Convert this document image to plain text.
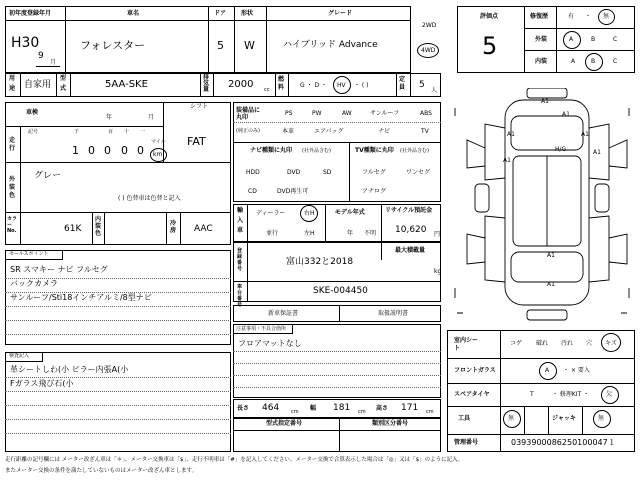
初年度登録年月
H30
9
月
車名
フォレスター
ドア
5
形状
W
グレード
ハイブリッド Advance
2WD
4WD
用
途 自家用
型
式	5AA-SKE
排気量 2000 cc
燃料	G ・ D ・ HV ・ ( )
定員 5
人
評価点
5
修復歴	有 ・ 無
外装	A	B	C
内装	A	B	C
車検
年	月
シフト
FAT
記号	千	百 十 一
走行	1 0 0 0 0
マイル
km
外装色
グレー
( ) 色替車は色替と記入
カラーNo.	61K
内装色
冷房 AAC
セールスポイント
SR スマキー ナビ フルセグ
バックカメラ
サンルーフ/Sti18インチアルミ/8型ナビ
検査記入
革シートしわ(小 ピラー内張A(小
Fガラス飛び石(小
装備品に丸印
(純正のみ)
PS	PW	AW	サンルーフ	ABS
本革	エアバッグ	ナビ	TV
ナビ種類に丸印 (社外品含む)
HDD	DVD	SD
CD	DVD再生可
TV種類に丸印 (社外品含む)
フルセグ	ワンセグ
アナログ
輸
入
車
ディーラー	右H
並行	左H
モデル年式
年 不明
リサイクル預託金
10,620 円
登録番号
富山332と2018
最大積載量
kg
車台番号
SKE-004450
新車保証書	取扱説明書
注意事項・不具合箇所
フロアマットなし
長さ 464 cm 幅 181 cm 高さ 171 cm
型式指定番号	類別区分番号
A1
A1
A1
A1
A1
A1
A1
A1
H/G
室内シート
コゲ 破れ 汚れ 穴 キズ
フロントガラス	A ・ × 要入
スペアタイヤ	T	・ 修理KIT ・	欠
工具	無	ジャッキ	無
管理番号	0393900086250100047１
走行距離の記号欄には メーター改ざん車は「＊」、メーター交換車は「$」、走行不明車は「#」を記入してください。メーター交換で合算表示した場合は「◎」又は「$」のように記入。
またメーター交換の条件を満たしていないものはメーター改ざん車とします。
